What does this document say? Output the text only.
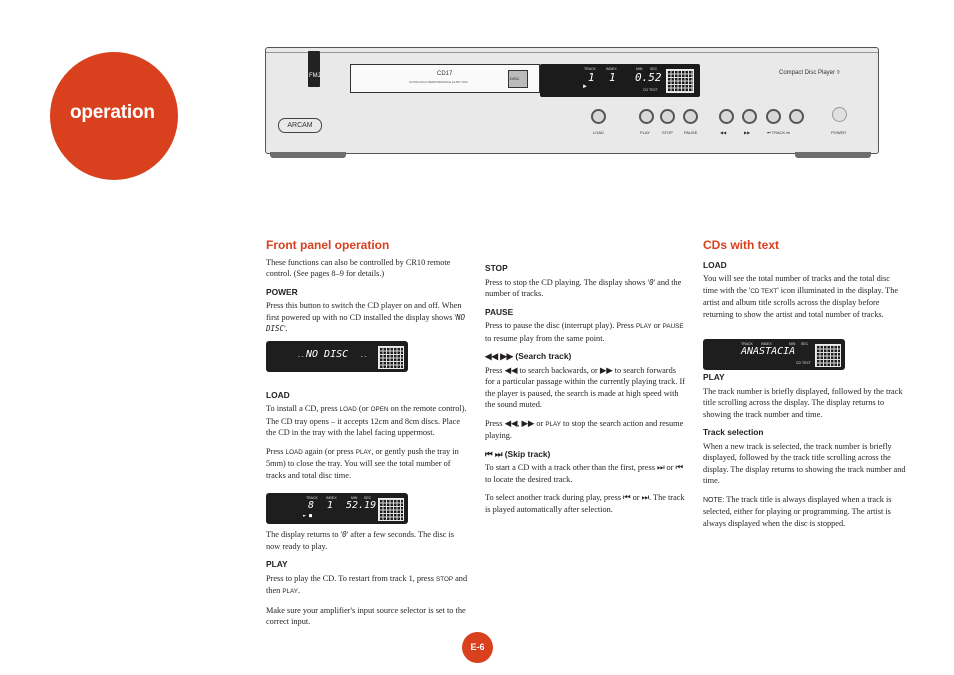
operation
FMJ
ARCAM
CD17
ULTRA HIGH PERFORMANCE 24-BIT DAC
DISC
TRACK	INDEX	MIN SEC
1 1 0.52
►	CD TEXT
Compact Disc Player ◊
LOAD	PLAY	STOP	PAUSE	◀◀	▶▶	⏮ TRACK ⏭	POWER
Front panel operation

These functions can also be controlled by CR10 remote control. (See pages 8–9 for details.)

POWER

Press this button to switch the CD player on and off. When first powered up with no CD installed the display shows 'NO DISC'.

LOAD

To install a CD, press LOAD (or OPEN on the remote control). The CD tray opens – it accepts 12cm and 8cm discs. Place the CD in the tray with the label facing uppermost.

Press LOAD again (or press PLAY, or gently push the tray in 5mm) to close the tray. You will see the total number of tracks and total disc time.

The display returns to '0' after a few seconds. The disc is now ready to play.

PLAY

Press to play the CD. To restart from track 1, press STOP and then PLAY.

Make sure your amplifier's input source selector is set to the correct input.

-- NO DISC --
TRACK INDEX	MIN SEC
8 1 52.19
► ■
STOP

Press to stop the CD playing. The display shows '0' and the number of tracks.

PAUSE

Press to pause the disc (interrupt play). Press PLAY or PAUSE to resume play from the same point.

◀◀ ▶▶ (Search track)

Press ◀◀ to search backwards, or ▶▶ to search forwards for a particular passage within the currently playing track. If the player is paused, the search is made at high speed with the sound muted.

Press ◀◀, ▶▶ or PLAY to stop the search action and resume playing.

⏮ ⏭ (Skip track)

To start a CD with a track other than the first, press ⏭ or ⏮ to locate the desired track.

To select another track during play, press ⏮ or ⏭. The track is played automatically after selection.

CDs with text
LOAD

You will see the total number of tracks and the total disc time with the 'CD TEXT' icon illuminated in the display. The artist and album title scrolls across the display before returning to show the artist and total number of tracks.

PLAY

The track number is briefly displayed, followed by the track title scrolling across the display. The display returns to showing the track number and time.

Track selection

When a new track is selected, the track number is briefly displayed, followed by the track title scrolling across the display. The display returns to showing the track number and time.

NOTE: The track title is always displayed when a track is selected, either for playing or programming. The artist is always displayed when the disc is stopped.

TRACK INDEX	MIN SEC
ANASTACIA
CD TEXT
E-6
